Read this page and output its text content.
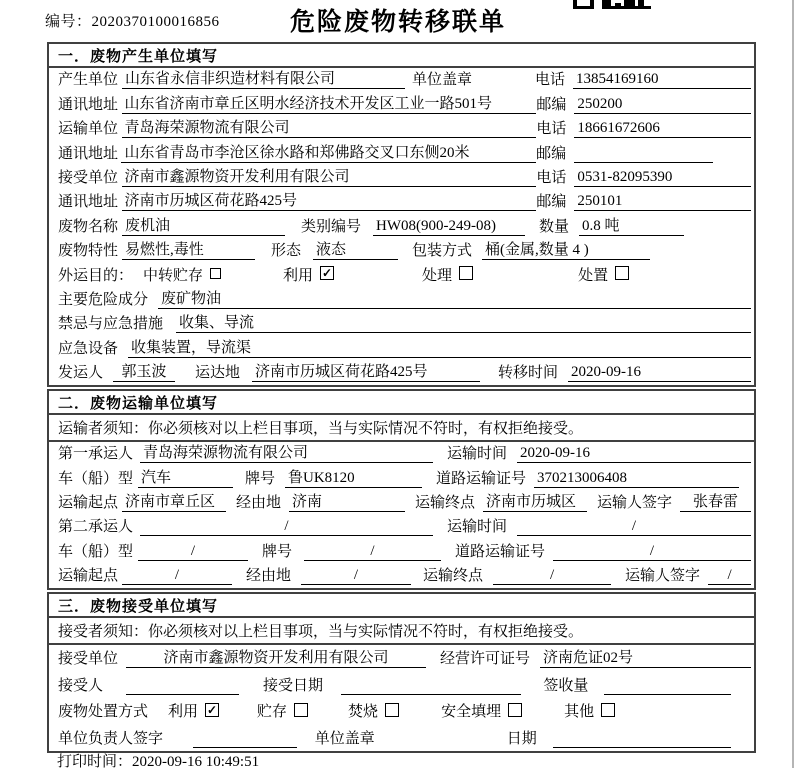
编号：2020370100016856	危险废物转移联单
一．废物产生单位填写
产生单位 山东省永信非织造材料有限公司	单位盖章	电话 13854169160
通讯地址 山东省济南市章丘区明水经济技术开发区工业一路501号	邮编 250200
运输单位 青岛海荣源物流有限公司	电话 18661672606
通讯地址 山东省青岛市李沧区徐水路和郑佛路交叉口东侧20米	邮编
接受单位 济南市鑫源物资开发利用有限公司	电话 0531-82095390
通讯地址 济南市历城区荷花路425号	邮编 250101
废物名称 废机油	类别编号 HW08(900-249-08)	数量 0.8 吨
废物特性 易燃性,毒性	形态 液态	包装方式 桶(金属,数量 4 )
外运目的： 中转贮存	利用 ✓	处理	处置
主要危险成分 废矿物油
禁忌与应急措施	收集、导流
应急设备 收集装置，导流渠
发运人	郭玉波	运达地 济南市历城区荷花路425号	转移时间 2020-09-16
二．废物运输单位填写
运输者须知：你必须核对以上栏目事项，当与实际情况不符时，有权拒绝接受。
第一承运人 青岛海荣源物流有限公司	运输时间 2020-09-16
车（船）型 汽车	牌号 鲁UK8120	道路运输证号 370213006408
运输起点 济南市章丘区	经由地 济南	运输终点 济南市历城区	运输人签字	张春雷
第二承运人	/	运输时间	/
车（船）型	/	牌号	/	道路运输证号	/
运输起点	/	经由地	/	运输终点	/	运输人签字	/
三．废物接受单位填写
接受者须知：你必须核对以上栏目事项，当与实际情况不符时，有权拒绝接受。
接受单位	济南市鑫源物资开发利用有限公司	经营许可证号 济南危证02号
接受人	接受日期	签收量
废物处置方式 利用 ✓	贮存	焚烧	安全填埋	其他
单位负责人签字	单位盖章	日期
打印时间：2020-09-16 10:49:51
